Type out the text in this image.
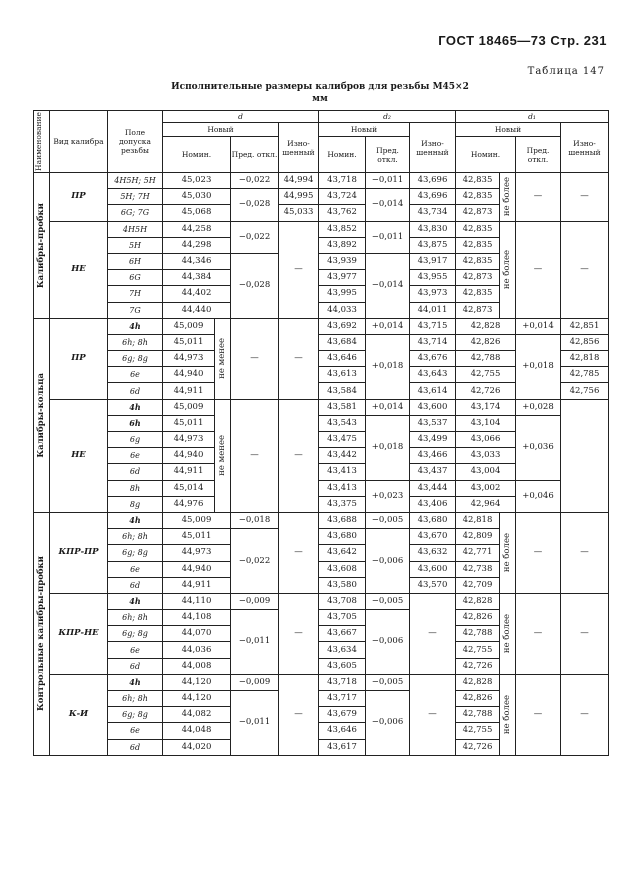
ГОСТ 18465—73 Стр. 231
Таблица 147
Исполнительные размеры калибров для резьбы М45×2
мм
Наименование	Вид калибра	Поле допуска резьбы	d				d₂			d₁			
			Новый			Изно- шенный	Новый		Изно- шенный	Новый			Изно- шенный
			Номин.		Пред. откл.		Номин.	Пред. откл.		Номин.		Пред. откл.	

Калибры-пробки	ПР	4H5H; 5H	45,023		−0,022	44,994	43,718	−0,011	43,696	42,835	не более	—	—
		5H; 7H	45,030		−0,028	44,995	43,724	−0,014	43,696	42,835			
		6G; 7G	45,068			45,033	43,762		43,734	42,873			
	НЕ	4H5H	44,258		−0,022	—	43,852	−0,011	43,830	42,835	не более	—	—
		5H	44,298				43,892		43,875	42,835			
		6H	44,346		−0,028		43,939	−0,014	43,917	42,835			
		6G	44,384				43,977		43,955	42,873			
		7H	44,402				43,995		43,973	42,835			
		7G	44,440				44,033		44,011	42,873			

Калибры-кольца	ПР	4h	45,009	не менее	—	—	43,692	+0,014	43,715	42,828		+0,014	42,851
		6h; 8h	45,011				43,684	+0,018	43,714	42,826		+0,018	42,856
		6g; 8g	44,973				43,646		43,676	42,788			42,818
		6e	44,940				43,613		43,643	42,755			42,785
		6d	44,911				43,584		43,614	42,726			42,756
	НЕ	4h	45,009	не менее	—	—	43,581	+0,014	43,600	43,174		+0,028	
		6h	45,011				43,543	+0,018	43,537	43,104		+0,036	
		6g	44,973				43,475		43,499	43,066			
		6e	44,940				43,442		43,466	43,033			
		6d	44,911				43,413		43,437	43,004			
		8h	45,014				43,413	+0,023	43,444	43,002		+0,046	
		8g	44,976				43,375		43,406	42,964			

Контрольные калибры-пробки	КПР-ПР	4h	45,009		−0,018	—	43,688	−0,005	43,680	42,818	не более	—	—
		6h; 8h	45,011		−0,022		43,680	−0,006	43,670	42,809			
		6g; 8g	44,973				43,642		43,632	42,771			
		6e	44,940				43,608		43,600	42,738			
		6d	44,911				43,580		43,570	42,709			
	КПР-НЕ	4h	44,110		−0,009	—	43,708	−0,005	—	42,828	не более	—	—
		6h; 8h	44,108		−0,011		43,705	−0,006		42,826			
		6g; 8g	44,070				43,667			42,788			
		6e	44,036				43,634			42,755			
		6d	44,008				43,605			42,726			
	К-И	4h	44,120		−0,009	—	43,718	−0,005	—	42,828	не более	—	—
		6h; 8h	44,120		−0,011		43,717	−0,006		42,826			
		6g; 8g	44,082				43,679			42,788			
		6e	44,048				43,646			42,755			
		6d	44,020				43,617			42,726			
